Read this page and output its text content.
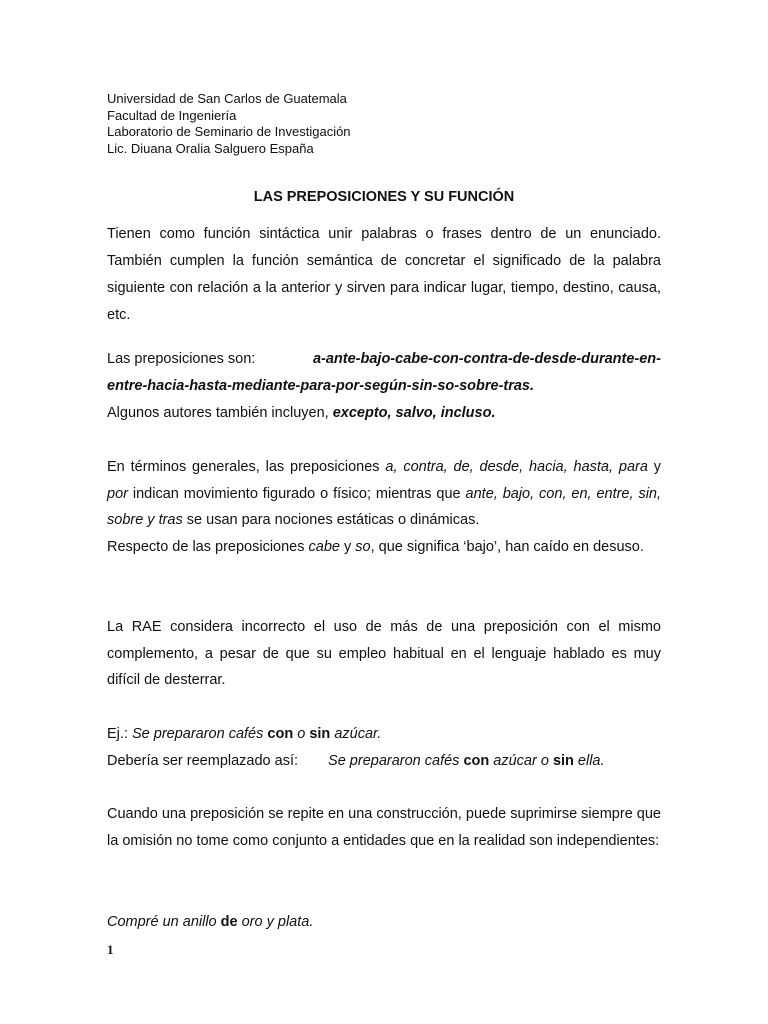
Universidad de San Carlos de Guatemala
Facultad de Ingeniería
Laboratorio de Seminario de Investigación
Lic. Diuana Oralia Salguero España
LAS PREPOSICIONES Y SU FUNCIÓN
Tienen como función sintáctica unir palabras o frases dentro de un enunciado. También cumplen la función semántica de concretar el significado de la palabra siguiente con relación a la anterior y sirven para indicar lugar, tiempo, destino, causa, etc.
Las preposiciones son:	a-ante-bajo-cabe-con-contra-de-desde-durante-en-
entre-hacia-hasta-mediante-para-por-según-sin-so-sobre-tras.
Algunos autores también incluyen, excepto, salvo, incluso.
En términos generales, las preposiciones a, contra, de, desde, hacia, hasta, para y por indican movimiento figurado o físico; mientras que ante, bajo, con, en, entre, sin, sobre y tras se usan para nociones estáticas o dinámicas.
Respecto de las preposiciones cabe y so, que significa ‘bajo’, han caído en desuso.
La RAE considera incorrecto el uso de más de una preposición con el mismo complemento, a pesar de que su empleo habitual en el lenguaje hablado es muy difícil de desterrar.
Ej.: Se prepararon cafés con o sin azúcar.
Debería ser reemplazado así: Se prepararon cafés con azúcar o sin ella.
Cuando una preposición se repite en una construcción, puede suprimirse siempre que la omisión no tome como conjunto a entidades que en la realidad son independientes:
Compré un anillo de oro y plata.
1
